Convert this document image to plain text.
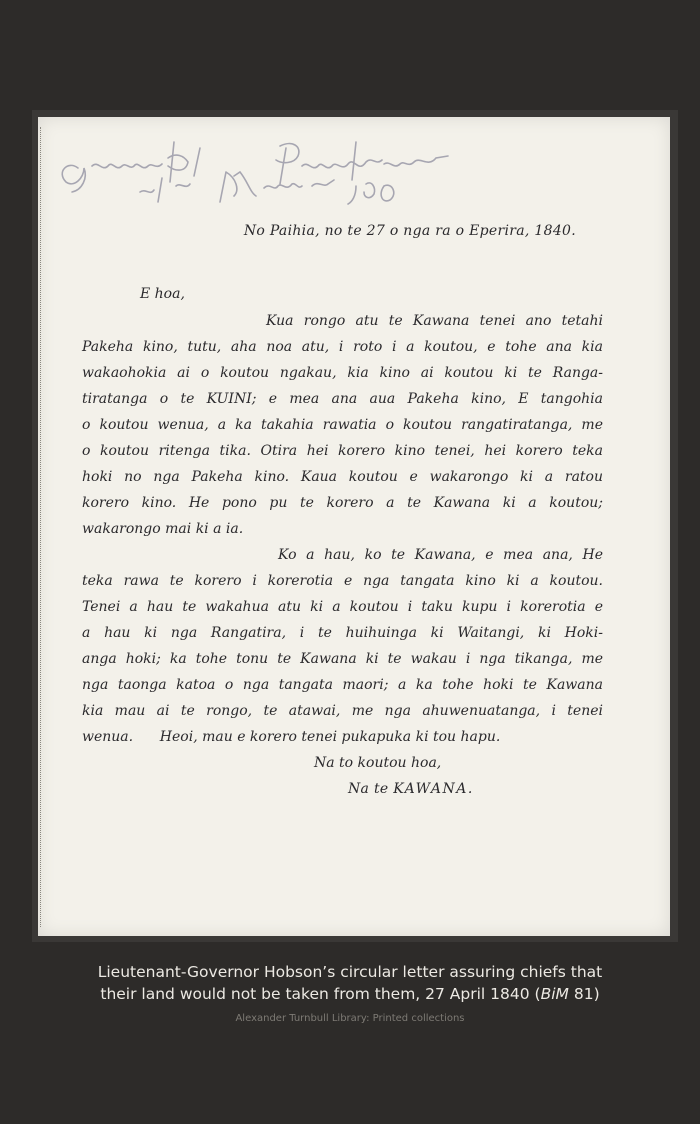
No Paihia, no te 27 o nga ra o Eperira, 1840.
E hoa,
Kua rongo atu te Kawana tenei ano tetahi
Pakeha kino, tutu, aha noa atu, i roto i a koutou, e tohe ana kia
wakaohokia ai o koutou ngakau, kia kino ai koutou ki te Ranga-
tiratanga o te KUINI; e mea ana aua Pakeha kino, E tangohia
o koutou wenua, a ka takahia rawatia o koutou rangatiratanga, me
o koutou ritenga tika. Otira hei korero kino tenei, hei korero teka
hoki no nga Pakeha kino. Kaua koutou e wakarongo ki a ratou
korero kino. He pono pu te korero a te Kawana ki a koutou;
wakarongo mai ki a ia.
Ko a hau, ko te Kawana, e mea ana, He
teka rawa te korero i korerotia e nga tangata kino ki a koutou.
Tenei a hau te wakahua atu ki a koutou i taku kupu i korerotia e
a hau ki nga Rangatira, i te huihuinga ki Waitangi, ki Hoki-
anga hoki; ka tohe tonu te Kawana ki te wakau i nga tikanga, me
nga taonga katoa o nga tangata maori; a ka tohe hoki te Kawana
kia mau ai te rongo, te atawai, me nga ahuwenuatanga, i tenei
wenua.      Heoi, mau e korero tenei pukapuka ki tou hapu.
Na to koutou hoa,
Na te KAWANA.
Lieutenant-Governor Hobson’s circular letter assuring chiefs that
their land would not be taken from them, 27 April 1840 (BiM 81)
Alexander Turnbull Library: Printed collections
